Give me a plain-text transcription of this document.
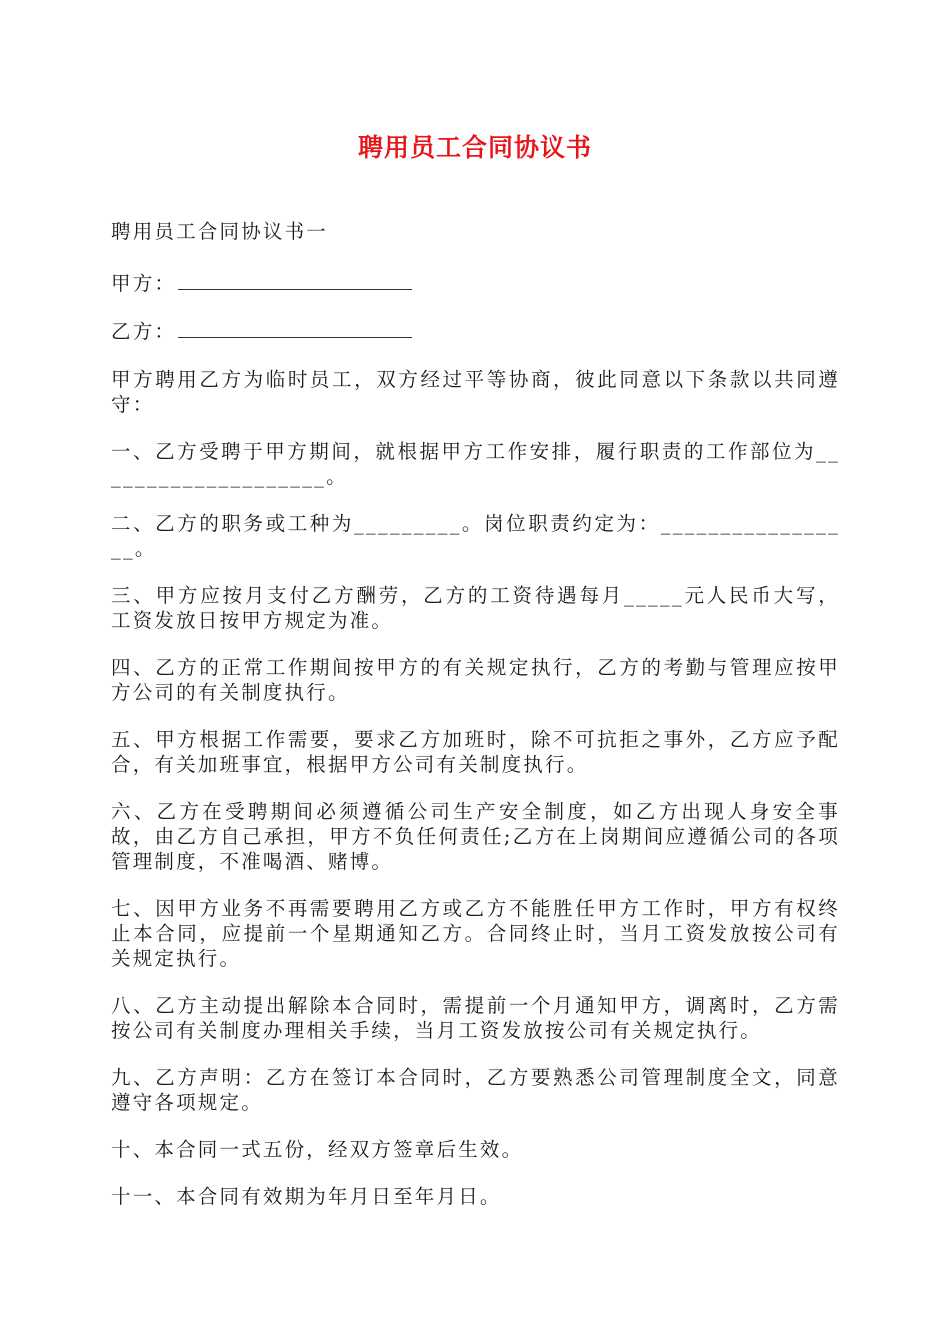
聘用员工合同协议书

聘用员工合同协议书一

甲方：

乙方：

甲方聘用乙方为临时员工，双方经过平等协商，彼此同意以下条款以共同遵守：

一、乙方受聘于甲方期间，就根据甲方工作安排，履行职责的工作部位为____________________。

二、乙方的职务或工种为_________。岗位职责约定为：_________________。

三、甲方应按月支付乙方酬劳，乙方的工资待遇每月_____元人民币大写，工资发放日按甲方规定为准。

四、乙方的正常工作期间按甲方的有关规定执行，乙方的考勤与管理应按甲方公司的有关制度执行。

五、甲方根据工作需要，要求乙方加班时，除不可抗拒之事外，乙方应予配合，有关加班事宜，根据甲方公司有关制度执行。

六、乙方在受聘期间必须遵循公司生产安全制度，如乙方出现人身安全事故，由乙方自己承担，甲方不负任何责任;乙方在上岗期间应遵循公司的各项管理制度，不准喝酒、赌博。

七、因甲方业务不再需要聘用乙方或乙方不能胜任甲方工作时，甲方有权终止本合同，应提前一个星期通知乙方。合同终止时，当月工资发放按公司有关规定执行。

八、乙方主动提出解除本合同时，需提前一个月通知甲方，调离时，乙方需按公司有关制度办理相关手续，当月工资发放按公司有关规定执行。

九、乙方声明：乙方在签订本合同时，乙方要熟悉公司管理制度全文，同意遵守各项规定。

十、本合同一式五份，经双方签章后生效。

十一、本合同有效期为年月日至年月日。
